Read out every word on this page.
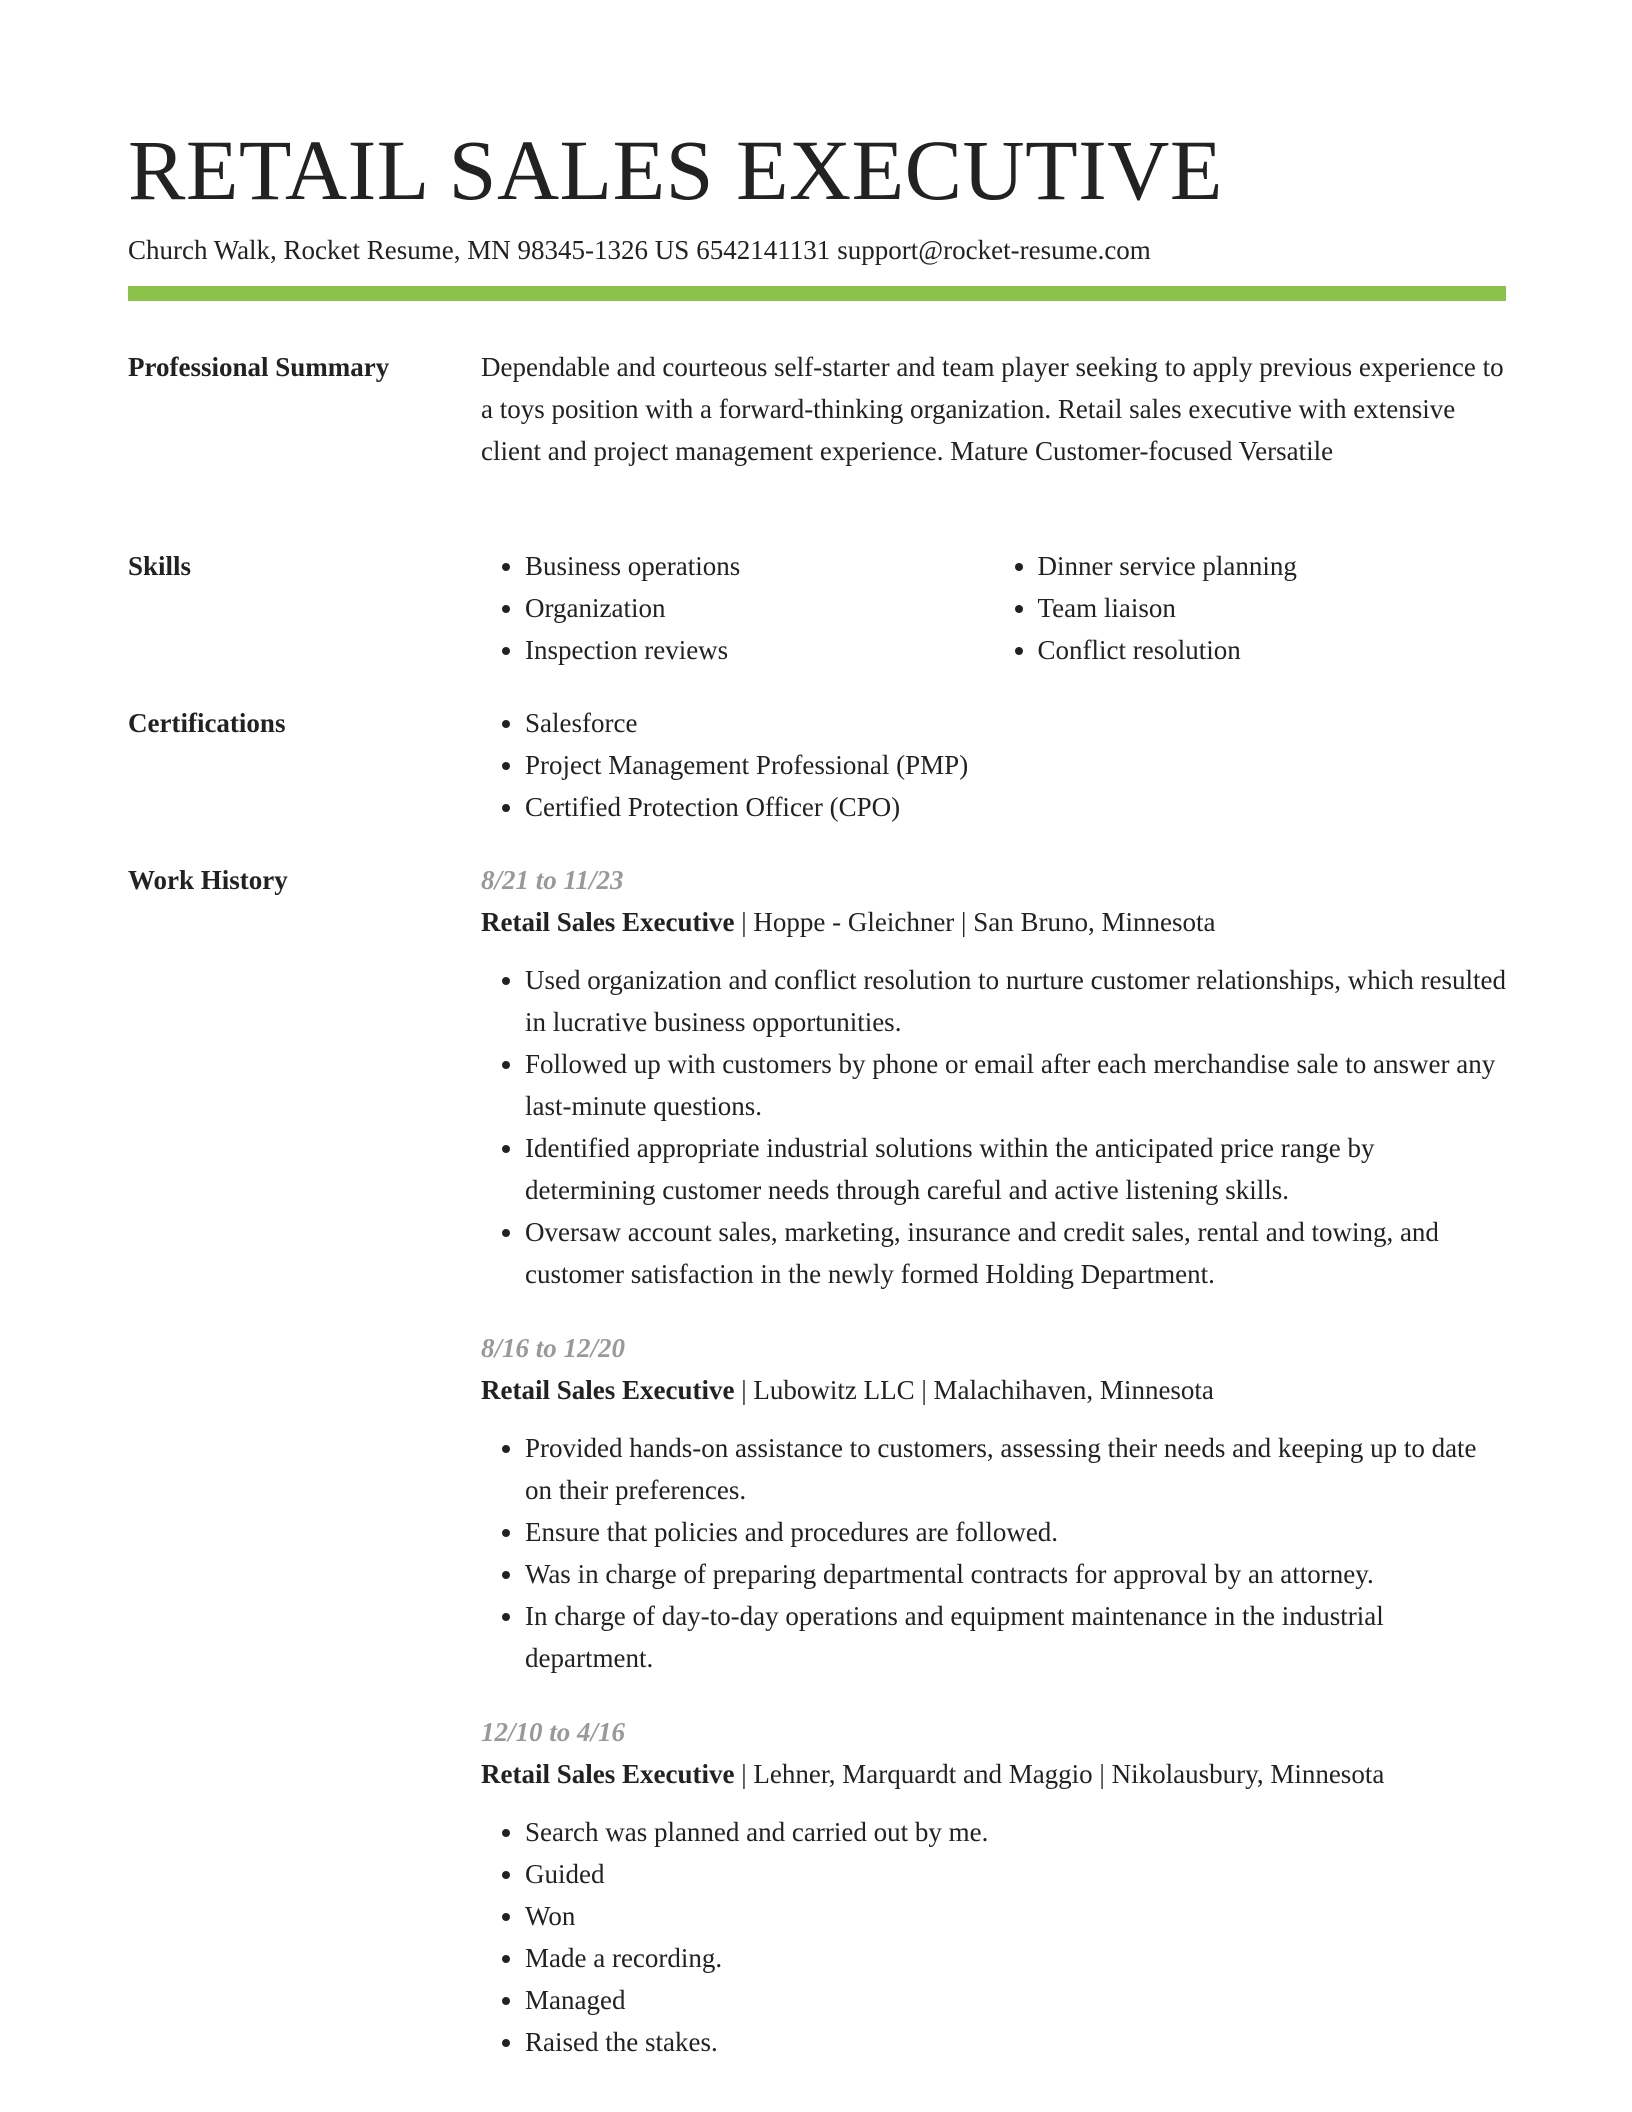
RETAIL SALES EXECUTIVE
Church Walk, Rocket Resume, MN 98345-1326 US 6542141131 support@rocket-resume.com
Professional Summary	Dependable and courteous self-starter and team player seeking to apply previous experience to a toys position with a forward-thinking organization. Retail sales executive with extensive client and project management experience. Mature Customer-focused Versatile

Skills	• Business operations
• Organization
• Inspection reviews
• Dinner service planning
• Team liaison
• Conflict resolution
Certifications	• Salesforce
• Project Management Professional (PMP)
• Certified Protection Officer (CPO)
Work History	8/21 to 11/23
Retail Sales Executive | Hoppe - Gleichner | San Bruno, Minnesota
• Used organization and conflict resolution to nurture customer relationships, which resulted in lucrative business opportunities.
• Followed up with customers by phone or email after each merchandise sale to answer any last-minute questions.
• Identified appropriate industrial solutions within the anticipated price range by determining customer needs through careful and active listening skills.
• Oversaw account sales, marketing, insurance and credit sales, rental and towing, and customer satisfaction in the newly formed Holding Department.
8/16 to 12/20
Retail Sales Executive | Lubowitz LLC | Malachihaven, Minnesota
• Provided hands-on assistance to customers, assessing their needs and keeping up to date on their preferences.
• Ensure that policies and procedures are followed.
• Was in charge of preparing departmental contracts for approval by an attorney.
• In charge of day-to-day operations and equipment maintenance in the industrial department.
12/10 to 4/16
Retail Sales Executive | Lehner, Marquardt and Maggio | Nikolausbury, Minnesota
• Search was planned and carried out by me.
• Guided
• Won
• Made a recording.
• Managed
• Raised the stakes.
